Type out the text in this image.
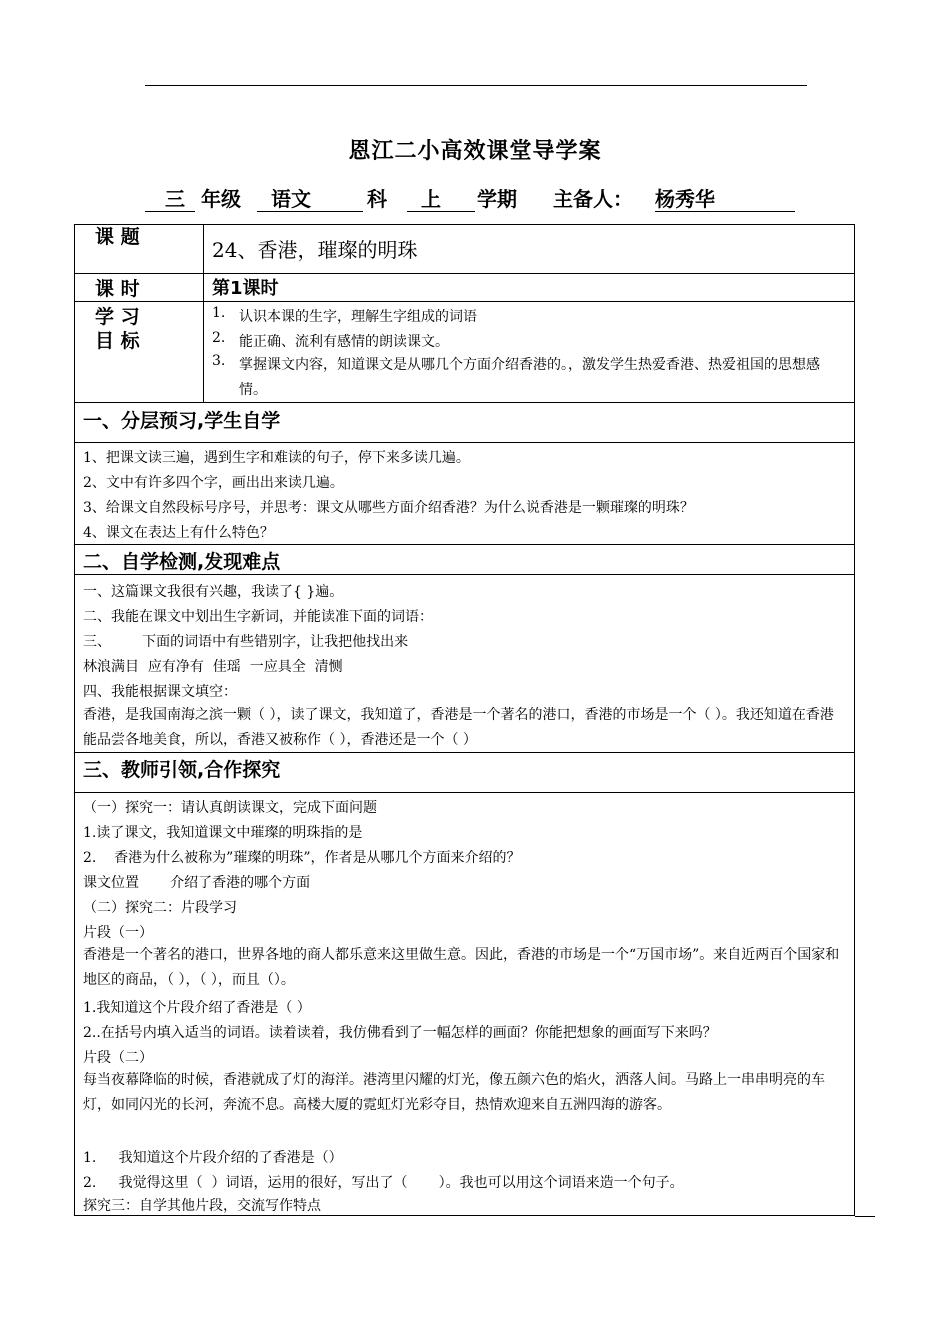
恩江二小高效课堂导学案
三 年级 语文	科 上 学期 主备人： 杨秀华
课 题
24、香港，璀璨的明珠
课 时	第1课时
学 习
目 标
1. 认识本课的生字，理解生字组成的词语
2. 能正确、流利有感情的朗读课文。
3. 掌握课文内容，知道课文是从哪几个方面介绍香港的。，激发学生热爱香港、热爱祖国的思想感情。
一、分层预习,学生自学
1、把课文读三遍，遇到生字和难读的句子，停下来多读几遍。
2、文中有许多四个字，画出出来读几遍。
3、给课文自然段标号序号，并思考：课文从哪些方面介绍香港？为什么说香港是一颗璀璨的明珠？
4、课文在表达上有什么特色？
二、自学检测,发现难点
一、这篇课文我很有兴趣，我读了{ }遍。
二、我能在课文中划出生字新词，并能读准下面的词语：
三、       下面的词语中有些错别字，让我把他找出来
林浪满目  应有净有  佳瑶  一应具全  清恻
四、我能根据课文填空：
香港，是我国南海之滨一颗（ ），读了课文，我知道了，香港是一个著名的港口，香港的市场是一个（ ）。我还知道在香港能品尝各地美食，所以，香港又被称作（ ），香港还是一个（ ）
三、教师引领,合作探究
（一）探究一：请认真朗读课文，完成下面问题
1.读了课文，我知道课文中璀璨的明珠指的是
2.    香港为什么被称为”璀璨的明珠”，作者是从哪几个方面来介绍的？
课文位置       介绍了香港的哪个方面
（二）探究二：片段学习
片段（一）
香港是一个著名的港口，世界各地的商人都乐意来这里做生意。因此，香港的市场是一个“万国市场”。来自近两百个国家和地区的商品，（ ），（ ），而且（）。
1.我知道这个片段介绍了香港是（ ）
2..在括号内填入适当的词语。读着读着，我仿佛看到了一幅怎样的画面？你能把想象的画面写下来吗？
片段（二）
每当夜幕降临的时候，香港就成了灯的海洋。港湾里闪耀的灯光，像五颜六色的焰火，洒落人间。马路上一串串明亮的车灯，如同闪光的长河，奔流不息。高楼大厦的霓虹灯光彩夺目，热情欢迎来自五洲四海的游客。
1.     我知道这个片段介绍的了香港是（）
2.     我觉得这里（  ）词语，运用的很好，写出了（       ）。我也可以用这个词语来造一个句子。
探究三：自学其他片段，交流写作特点
